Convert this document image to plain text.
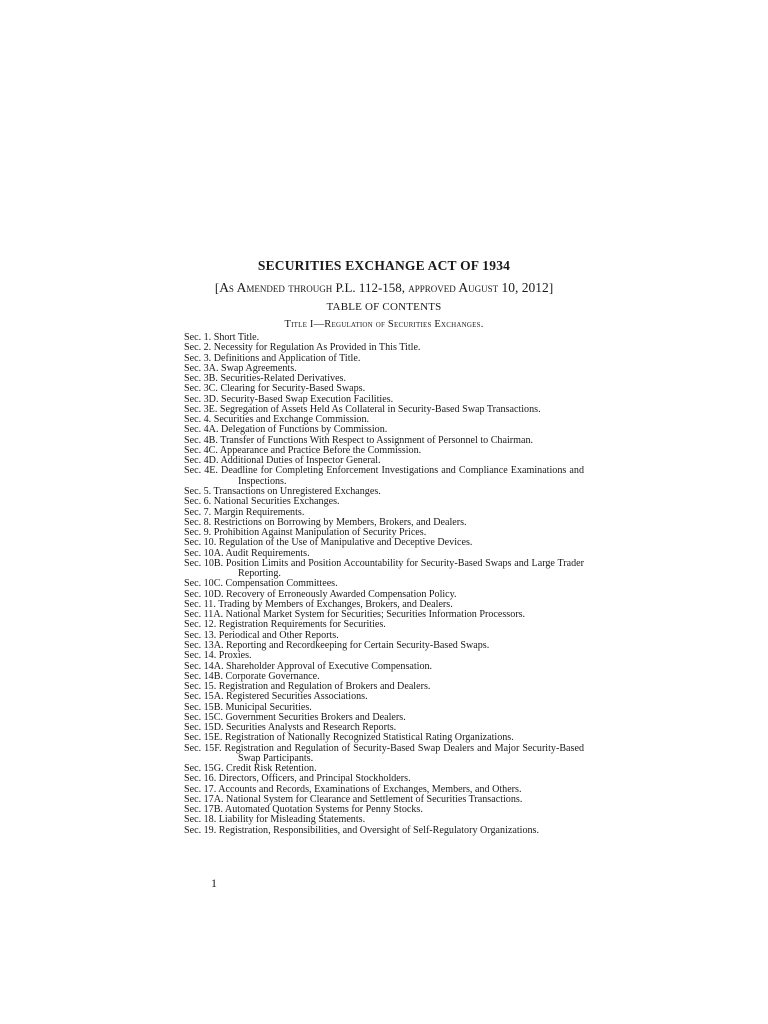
SECURITIES EXCHANGE ACT OF 1934
[As Amended through P.L. 112-158, approved August 10, 2012]
TABLE OF CONTENTS
Title I—Regulation of Securities Exchanges.
Sec. 1. Short Title.
Sec. 2. Necessity for Regulation As Provided in This Title.
Sec. 3. Definitions and Application of Title.
Sec. 3A. Swap Agreements.
Sec. 3B. Securities-Related Derivatives.
Sec. 3C. Clearing for Security-Based Swaps.
Sec. 3D. Security-Based Swap Execution Facilities.
Sec. 3E. Segregation of Assets Held As Collateral in Security-Based Swap Transactions.
Sec. 4. Securities and Exchange Commission.
Sec. 4A. Delegation of Functions by Commission.
Sec. 4B. Transfer of Functions With Respect to Assignment of Personnel to Chairman.
Sec. 4C. Appearance and Practice Before the Commission.
Sec. 4D. Additional Duties of Inspector General.
Sec. 4E. Deadline for Completing Enforcement Investigations and Compliance Examinations and Inspections.
Sec. 5. Transactions on Unregistered Exchanges.
Sec. 6. National Securities Exchanges.
Sec. 7. Margin Requirements.
Sec. 8. Restrictions on Borrowing by Members, Brokers, and Dealers.
Sec. 9. Prohibition Against Manipulation of Security Prices.
Sec. 10. Regulation of the Use of Manipulative and Deceptive Devices.
Sec. 10A. Audit Requirements.
Sec. 10B. Position Limits and Position Accountability for Security-Based Swaps and Large Trader Reporting.
Sec. 10C. Compensation Committees.
Sec. 10D. Recovery of Erroneously Awarded Compensation Policy.
Sec. 11. Trading by Members of Exchanges, Brokers, and Dealers.
Sec. 11A. National Market System for Securities; Securities Information Processors.
Sec. 12. Registration Requirements for Securities.
Sec. 13. Periodical and Other Reports.
Sec. 13A. Reporting and Recordkeeping for Certain Security-Based Swaps.
Sec. 14. Proxies.
Sec. 14A. Shareholder Approval of Executive Compensation.
Sec. 14B. Corporate Governance.
Sec. 15. Registration and Regulation of Brokers and Dealers.
Sec. 15A. Registered Securities Associations.
Sec. 15B. Municipal Securities.
Sec. 15C. Government Securities Brokers and Dealers.
Sec. 15D. Securities Analysts and Research Reports.
Sec. 15E. Registration of Nationally Recognized Statistical Rating Organizations.
Sec. 15F. Registration and Regulation of Security-Based Swap Dealers and Major Security-Based Swap Participants.
Sec. 15G. Credit Risk Retention.
Sec. 16. Directors, Officers, and Principal Stockholders.
Sec. 17. Accounts and Records, Examinations of Exchanges, Members, and Others.
Sec. 17A. National System for Clearance and Settlement of Securities Transactions.
Sec. 17B. Automated Quotation Systems for Penny Stocks.
Sec. 18. Liability for Misleading Statements.
Sec. 19. Registration, Responsibilities, and Oversight of Self-Regulatory Organizations.
1
